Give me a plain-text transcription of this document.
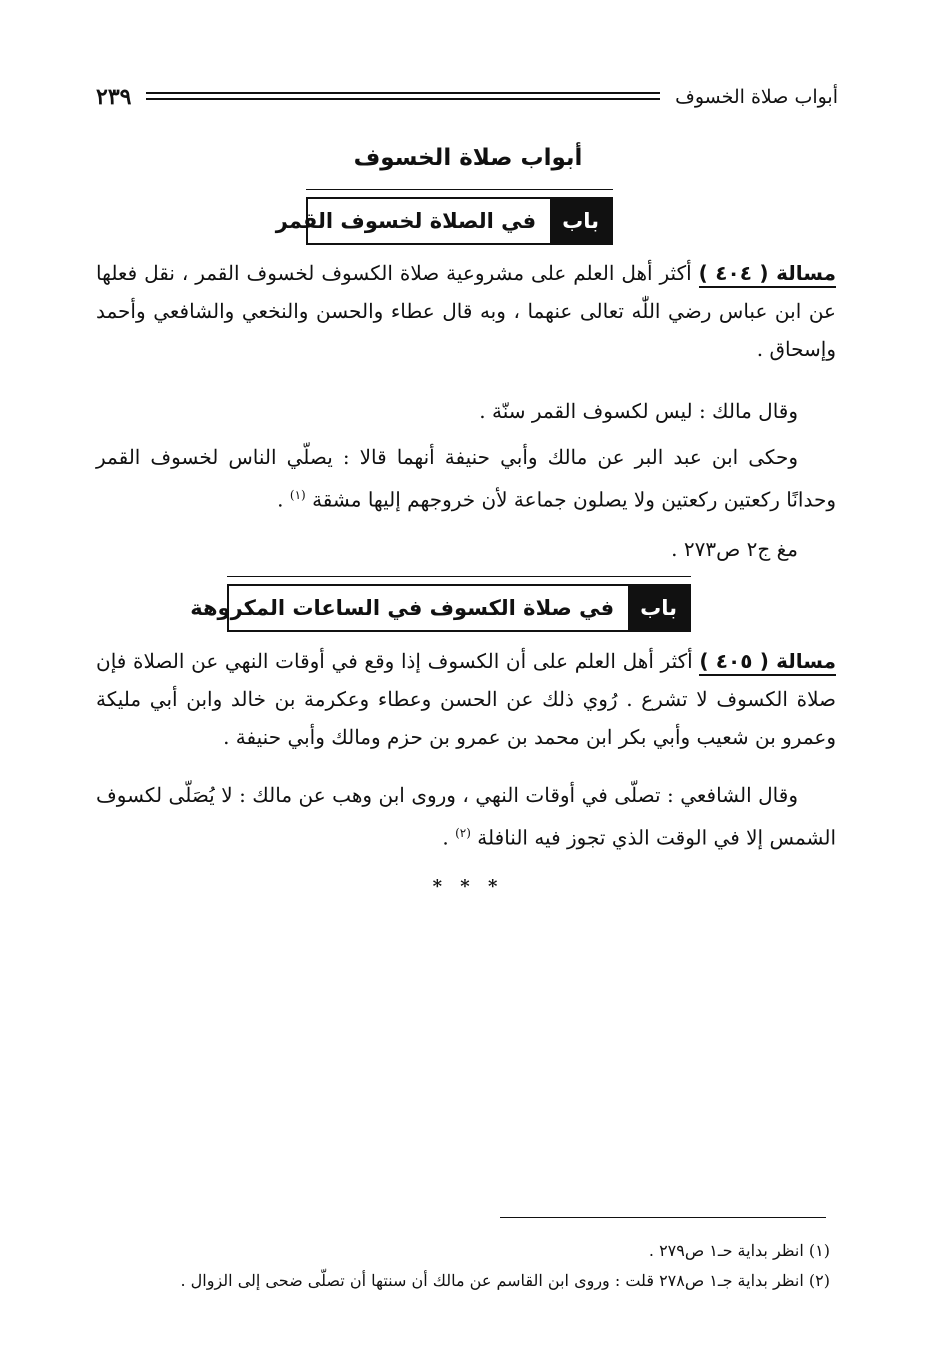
أبواب صلاة الخسوف
٢٣٩
أبواب صلاة الخسوف
باب
في الصلاة لخسوف القمر

مسالة ( ٤٠٤ ) أكثر أهل العلم على مشروعية صلاة الكسوف لخسوف القمر ، نقل فعلها عن ابن عباس رضي اللّٰه تعالى عنهما ، وبه قال عطاء والحسن والنخعي والشافعي وأحمد وإسحاق .

وقال مالك : ليس لكسوف القمر سنّة .

وحكى ابن عبد البر عن مالك وأبي حنيفة أنهما قالا : يصلّي الناس لخسوف القمر وحدانًا ركعتين ركعتين ولا يصلون جماعة لأن خروجهم إليها مشقة $^{(١)}$ .

مغ ج٢ ص٢٧٣ .

باب
في صلاة الكسوف في الساعات المكروهة

مسالة ( ٤٠٥ ) أكثر أهل العلم على أن الكسوف إذا وقع في أوقات النهي عن الصلاة فإن صلاة الكسوف لا تشرع . رُوي ذلك عن الحسن وعطاء وعكرمة بن خالد وابن أبي مليكة وعمرو بن شعيب وأبي بكر ابن محمد بن عمرو بن حزم ومالك وأبي حنيفة .

وقال الشافعي : تصلّى في أوقات النهي ، وروى ابن وهب عن مالك : لا يُصَلّى لكسوف الشمس إلا في الوقت الذي تجوز فيه النافلة $^{(٢)}$ .

* * *

(١) انظر بداية حـ١ ص٢٧٩ .

(٢) انظر بداية جـ١ ص٢٧٨ قلت : وروى ابن القاسم عن مالك أن سنتها أن تصلّى ضحى إلى الزوال .
